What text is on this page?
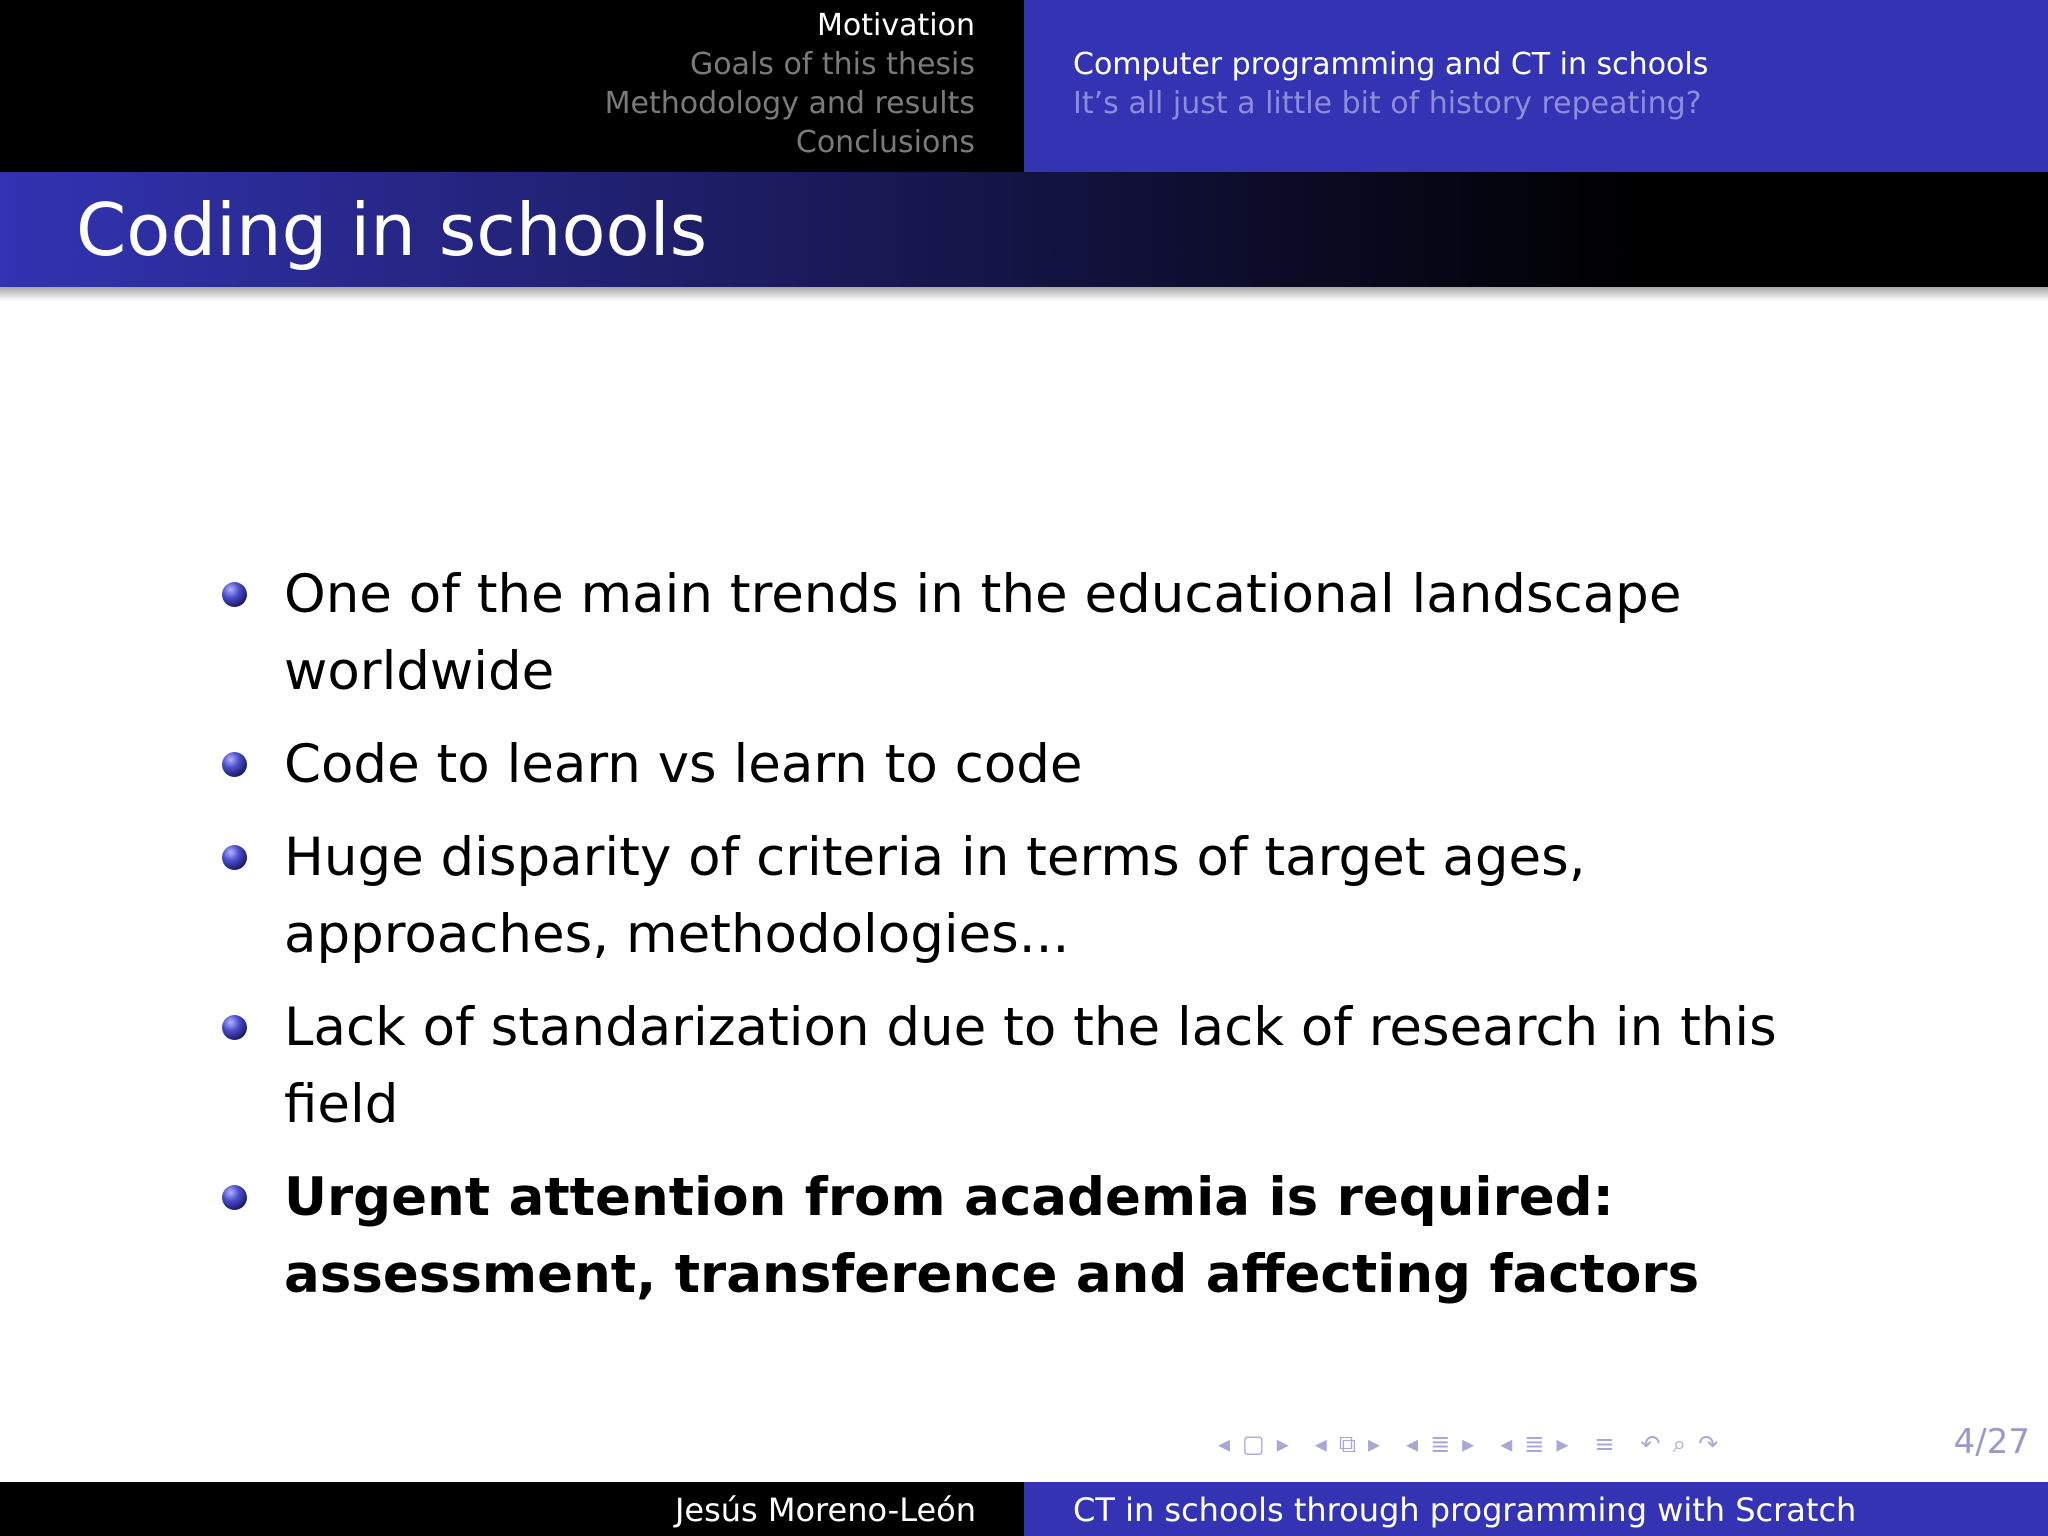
Motivation
Goals of this thesis
Methodology and results
Conclusions
Computer programming and CT in schools
It’s all just a little bit of history repeating?
Coding in schools
One of the main trends in the educational landscape worldwide
Code to learn vs learn to code
Huge disparity of criteria in terms of target ages, approaches, methodologies...
Lack of standarization due to the lack of research in this field
Urgent attention from academia is required: assessment, transference and affecting factors
◂ ▢ ▸ ◂ ⧉ ▸ ◂ ≣ ▸ ◂ ≣ ▸ ≡ ↶ ⌕ ↷	4/27
Jesús Moreno-León	CT in schools through programming with Scratch
